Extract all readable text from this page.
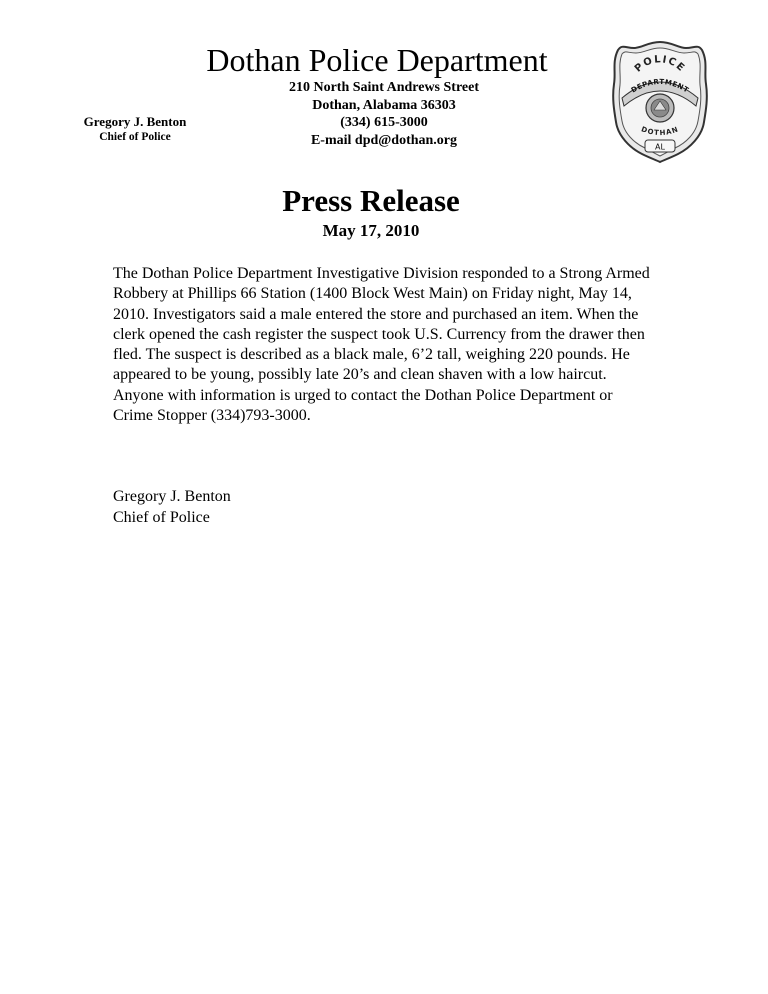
Dothan Police Department
210 North Saint Andrews Street
Dothan, Alabama 36303
(334) 615-3000
E-mail dpd@dothan.org
Gregory J. Benton
Chief of Police
POLICE
DEPARTMENT
DOTHAN
AL
Press Release
May 17, 2010

The Dothan Police Department Investigative Division responded to a Strong Armed Robbery at Phillips 66 Station (1400 Block West Main) on Friday night, May 14, 2010. Investigators said a male entered the store and purchased an item. When the clerk opened the cash register the suspect took U.S. Currency from the drawer then fled. The suspect is described as a black male, 6’2 tall, weighing 220 pounds. He appeared to be young, possibly late 20’s and clean shaven with a low haircut. Anyone with information is urged to contact the Dothan Police Department or Crime Stopper (334)793-3000.

Gregory J. Benton
Chief of Police
